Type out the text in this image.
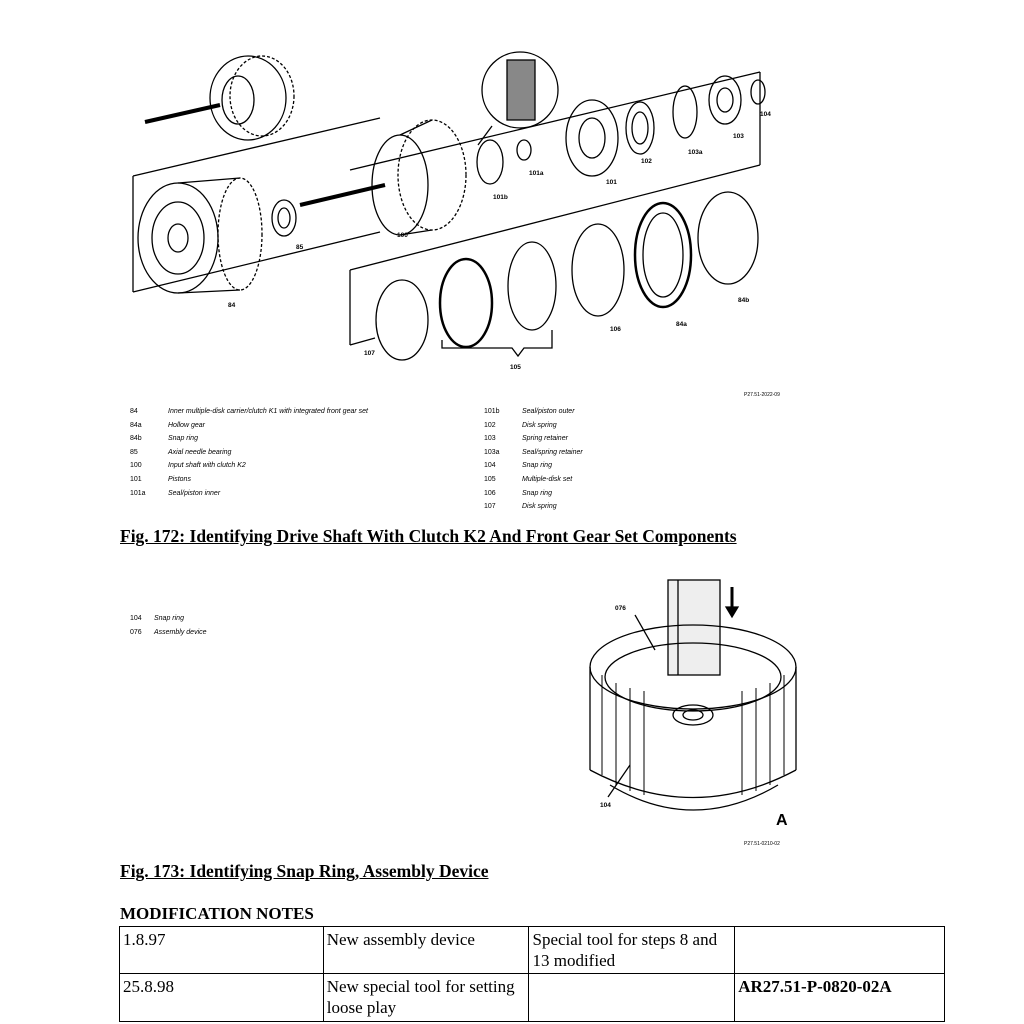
84
85
100
101
101a
101b
102
103
103a
104
105
106
107
84a
84b
P27.51-2022-09
84	Inner multiple-disk carrier/clutch K1 with integrated front gear set
84a	Hollow gear
84b	Snap ring
85	Axial needle bearing
100	Input shaft with clutch K2
101	Pistons
101a	Seal/piston inner
101b	Seal/piston outer
102	Disk spring
103	Spring retainer
103a	Seal/spring retainer
104	Snap ring
105	Multiple-disk set
106	Snap ring
107	Disk spring
Fig. 172: Identifying Drive Shaft With Clutch K2 And Front Gear Set Components
104 Snap ring
076 Assembly device
076
104
A
P27.51-0210-02
Fig. 173: Identifying Snap Ring, Assembly Device
MODIFICATION NOTES
1.8.97	New assembly device	Special tool for steps 8 and 13 modified	
25.8.98	New special tool for setting loose play		AR27.51-P-0820-02A
